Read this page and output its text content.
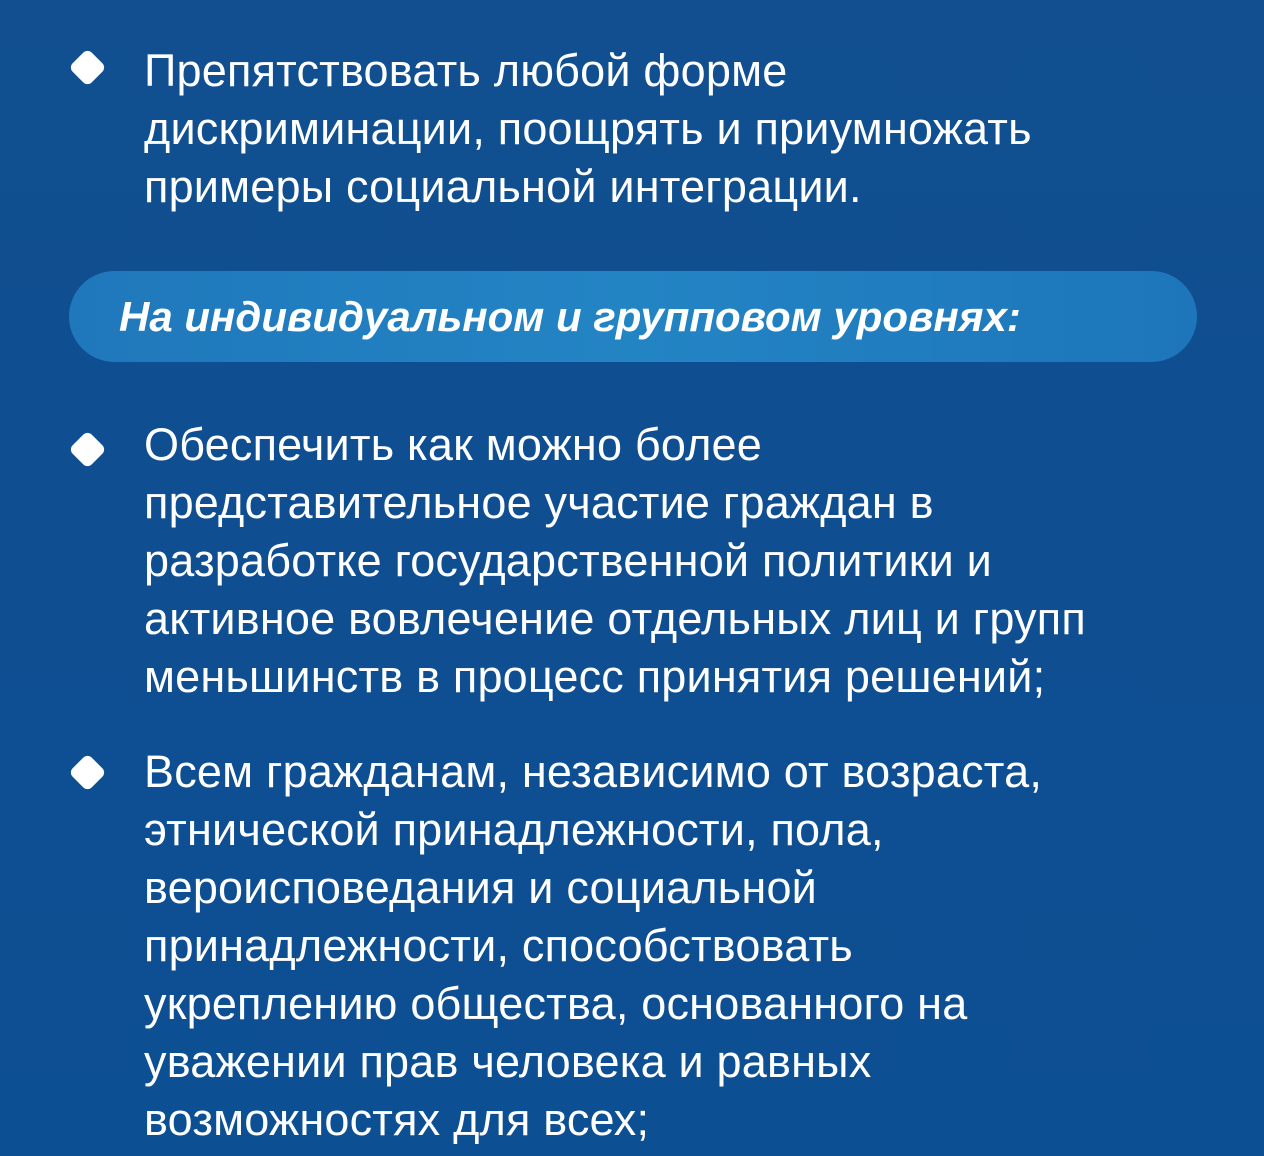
Препятствовать любой форме
дискриминации, поощрять и приумножать
примеры социальной интеграции.
На индивидуальном и групповом уровнях:
Обеспечить как можно более
представительное участие граждан в
разработке государственной политики и
активное вовлечение отдельных лиц и групп
меньшинств в процесс принятия решений;
Всем гражданам, независимо от возраста,
этнической принадлежности, пола,
вероисповедания и социальной
принадлежности, способствовать
укреплению общества, основанного на
уважении прав человека и равных
возможностях для всех;
